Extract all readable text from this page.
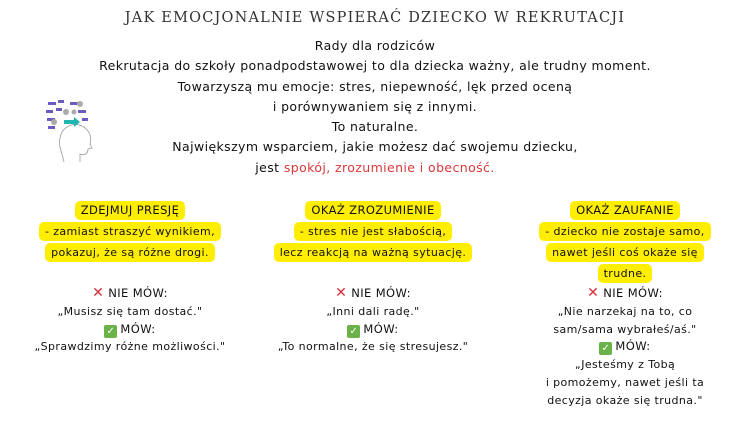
JAK EMOCJONALNIE WSPIERAĆ DZIECKO W REKRUTACJI
Rady dla rodziców
Rekrutacja do szkoły ponadpodstawowej to dla dziecka ważny, ale trudny moment.
Towarzyszą mu emocje: stres, niepewność, lęk przed oceną
i porównywaniem się z innymi.
To naturalne.
Największym wsparciem, jakie możesz dać swojemu dziecku,
jest spokój, zrozumienie i obecność.
ZDEJMUJ PRESJĘ
- zamiast straszyć wynikiem,
pokazuj, że są różne drogi.
✕ NIE MÓW:
„Musisz się tam dostać."
✓ MÓW:
„Sprawdzimy różne możliwości."
OKAŻ ZROZUMIENIE
- stres nie jest słabością,
lecz reakcją na ważną sytuację.
✕ NIE MÓW:
„Inni dali radę."
✓ MÓW:
„To normalne, że się stresujesz."
OKAŻ ZAUFANIE
- dziecko nie zostaje samo,
nawet jeśli coś okaże się
trudne.
✕ NIE MÓW:
„Nie narzekaj na to, co
sam/sama wybrałeś/aś."
✓ MÓW:
„Jesteśmy z Tobą
i pomożemy, nawet jeśli ta
decyzja okaże się trudna."
